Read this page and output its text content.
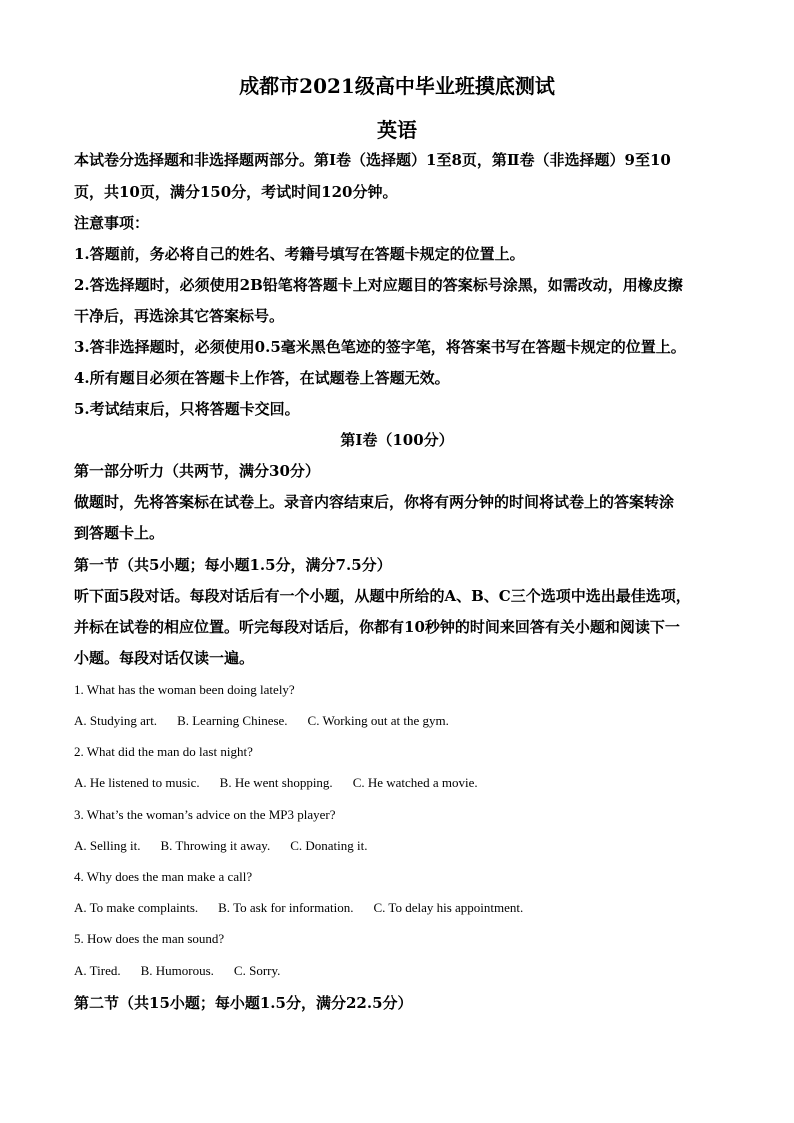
成都市2021级高中毕业班摸底测试
英语
本试卷分选择题和非选择题两部分。第Ⅰ卷（选择题）1至8页，第Ⅱ卷（非选择题）9至10
页，共10页，满分150分，考试时间120分钟。
注意事项：
1.答题前，务必将自己的姓名、考籍号填写在答题卡规定的位置上。
2.答选择题时，必须使用2B铅笔将答题卡上对应题目的答案标号涂黑，如需改动，用橡皮擦
干净后，再选涂其它答案标号。
3.答非选择题时，必须使用0.5毫米黑色笔迹的签字笔，将答案书写在答题卡规定的位置上。
4.所有题目必须在答题卡上作答，在试题卷上答题无效。
5.考试结束后，只将答题卡交回。
第Ⅰ卷（100分）
第一部分听力（共两节，满分30分）
做题时，先将答案标在试卷上。录音内容结束后，你将有两分钟的时间将试卷上的答案转涂
到答题卡上。
第一节（共5小题；每小题1.5分，满分7.5分）
听下面5段对话。每段对话后有一个小题，从题中所给的A、B、C三个选项中选出最佳选项，
并标在试卷的相应位置。听完每段对话后，你都有10秒钟的时间来回答有关小题和阅读下一
小题。每段对话仅读一遍。
1. What has the woman been doing lately?
A. Studying art. B. Learning Chinese. C. Working out at the gym.
2. What did the man do last night?
A. He listened to music. B. He went shopping. C. He watched a movie.
3. What’s the woman’s advice on the MP3 player?
A. Selling it. B. Throwing it away. C. Donating it.
4. Why does the man make a call?
A. To make complaints. B. To ask for information. C. To delay his appointment.
5. How does the man sound?
A. Tired. B. Humorous. C. Sorry.
第二节（共15小题；每小题1.5分，满分22.5分）
